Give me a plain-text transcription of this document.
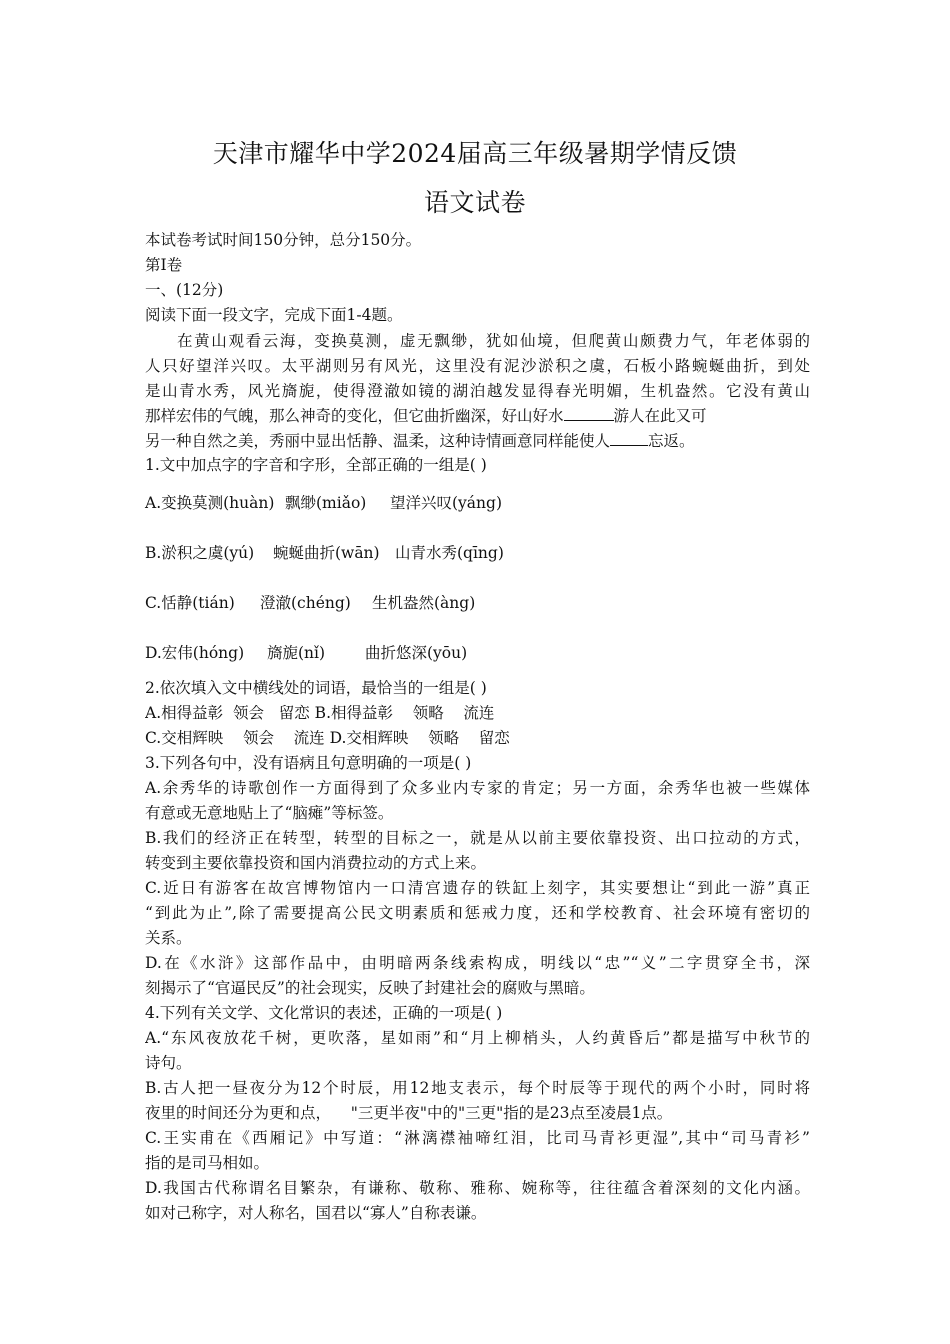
天津市耀华中学2024届高三年级暑期学情反馈
语文试卷
本试卷考试时间150分钟，总分150分。
第Ⅰ卷
一、(12分)
阅读下面一段文字，完成下面1-4题。
在黄山观看云海，变换莫测，虚无飘缈，犹如仙境，但爬黄山颇费力气，年老体弱的
人只好望洋兴叹。太平湖则另有风光，这里没有泥沙淤积之虞，石板小路蜿蜒曲折，到处
是山青水秀，风光旖旎，使得澄澈如镜的湖泊越发显得春光明媚，生机盎然。它没有黄山
那样宏伟的气魄，那么神奇的变化，但它曲折幽深，好山好水	游人在此又可
另一种自然之美，秀丽中显出恬静、温柔，这种诗情画意同样能使人 忘返。
1.文中加点字的字音和字形，全部正确的一组是( )
A.变换莫测(huàn) 飘缈(miǎo) 望洋兴叹(yáng)
B.淤积之虞(yú) 蜿蜒曲折(wān) 山青水秀(qīng)
C.恬静(tián) 澄澈(chéng) 生机盎然(àng)
D.宏伟(hóng) 旖旎(nǐ)	曲折悠深(yōu)
2.依次填入文中横线处的词语，最恰当的一组是( )
A.相得益彰  领会   留恋 B.相得益彰    领略    流连
C.交相辉映    领会    流连 D.交相辉映    领略    留恋
3.下列各句中，没有语病且句意明确的一项是( )
A.余秀华的诗歌创作一方面得到了众多业内专家的肯定；另一方面，余秀华也被一些媒体
有意或无意地贴上了“脑瘫”等标签。
B.我们的经济正在转型，转型的目标之一，就是从以前主要依靠投资、出口拉动的方式，
转变到主要依靠投资和国内消费拉动的方式上来。
C.近日有游客在故宫博物馆内一口清宫遗存的铁缸上刻字，其实要想让“到此一游”真正
“到此为止”,除了需要提高公民文明素质和惩戒力度，还和学校教育、社会环境有密切的
关系。
D.在《水浒》这部作品中，由明暗两条线索构成，明线以“忠”“义”二字贯穿全书，深
刻揭示了“官逼民反”的社会现实，反映了封建社会的腐败与黑暗。
4.下列有关文学、文化常识的表述，正确的一项是( )
A.“东风夜放花千树，更吹落，星如雨”和“月上柳梢头，人约黄昏后”都是描写中秋节的
诗句。
B.古人把一昼夜分为12个时辰，用12地支表示，每个时辰等于现代的两个小时，同时将
夜里的时间还分为更和点，    "三更半夜"中的"三更"指的是23点至凌晨1点。
C.王实甫在《西厢记》中写道：“淋漓襟袖啼红泪，比司马青衫更湿”,其中“司马青衫”
指的是司马相如。
D.我国古代称谓名目繁杂，有谦称、敬称、雅称、婉称等，往往蕴含着深刻的文化内涵。
如对己称字，对人称名，国君以“寡人”自称表谦。
